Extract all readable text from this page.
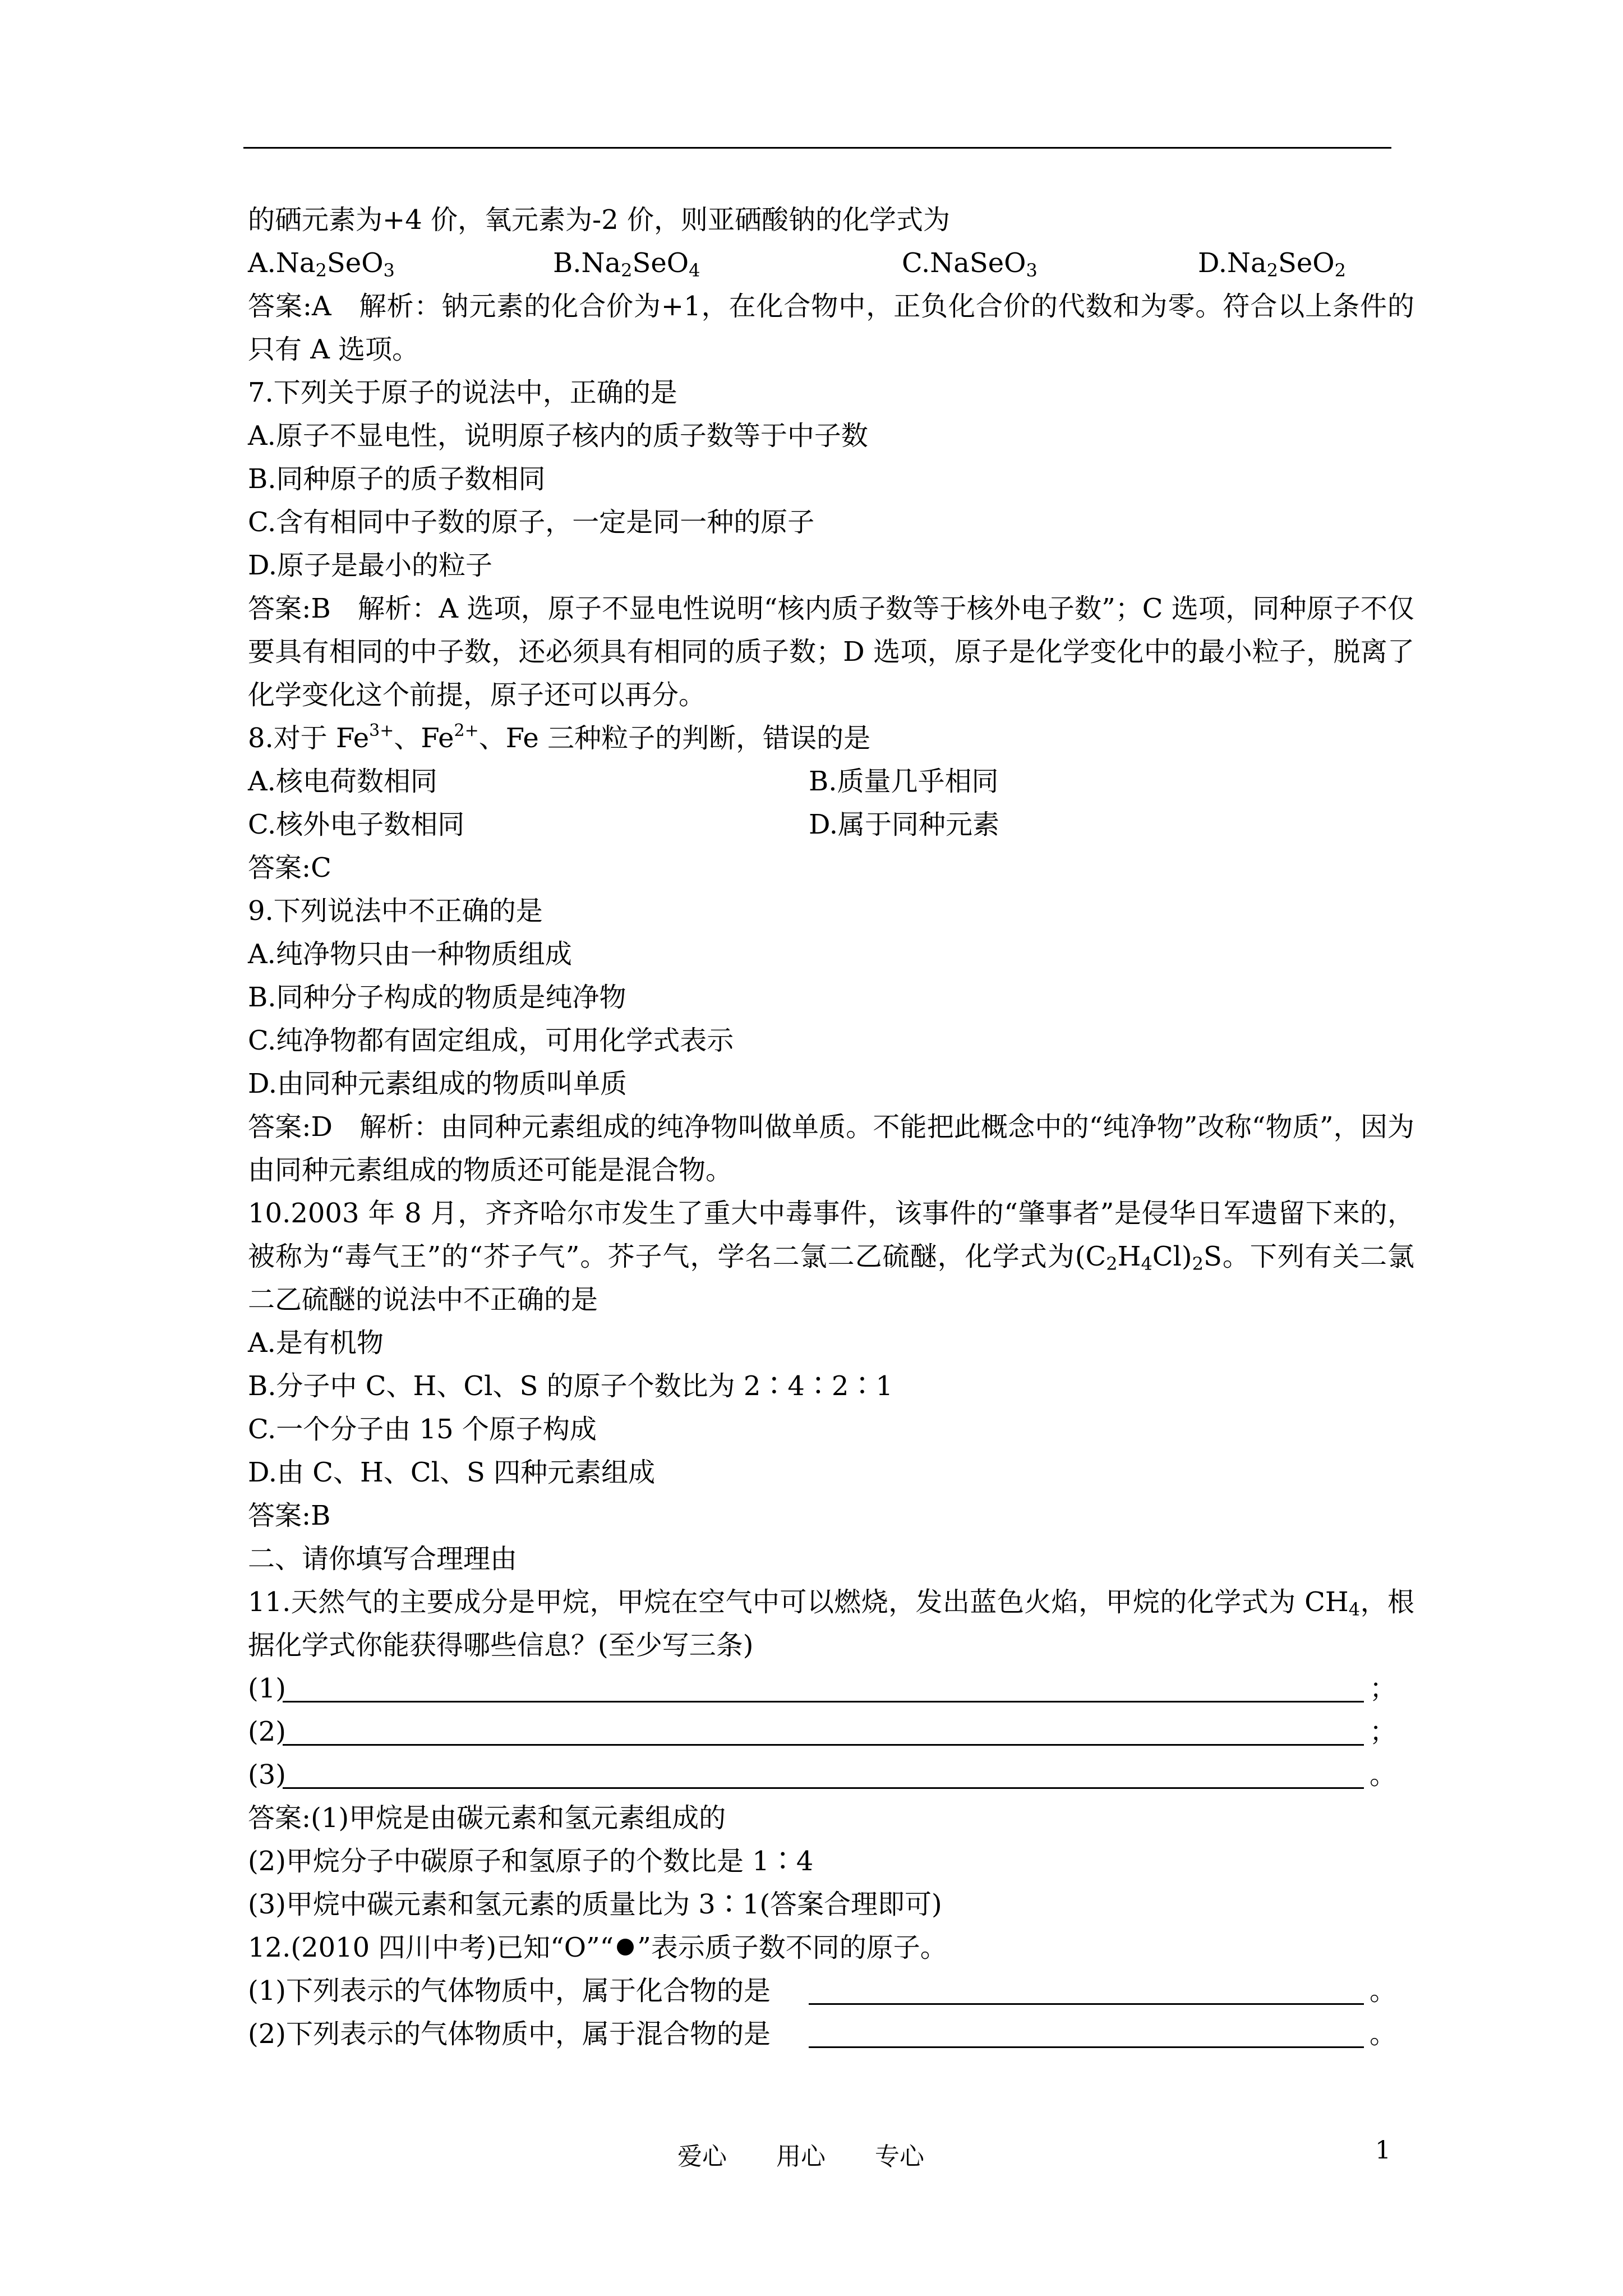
的硒元素为+4 价，氧元素为-2 价，则亚硒酸钠的化学式为
$A.Na_2SeO_3$	$B.Na_2SeO_4$	C.NaSeO$_3$	$D.Na_2SeO_2$
答案:A　解析：钠元素的化合价为+1，在化合物中，正负化合价的代数和为零。符合以上条件的只有 A 选项。
7.下列关于原子的说法中，正确的是
A.原子不显电性，说明原子核内的质子数等于中子数
B.同种原子的质子数相同
C.含有相同中子数的原子，一定是同一种的原子
D.原子是最小的粒子
答案:B　解析：A 选项，原子不显电性说明“核内质子数等于核外电子数”；C 选项，同种原子不仅要具有相同的中子数，还必须具有相同的质子数；D 选项，原子是化学变化中的最小粒子，脱离了化学变化这个前提，原子还可以再分。
8.对于 $Fe^{3+}$、$Fe^{2+}$、Fe 三种粒子的判断，错误的是
A.核电荷数相同	B.质量几乎相同
C.核外电子数相同	D.属于同种元素
答案:C
9.下列说法中不正确的是
A.纯净物只由一种物质组成
B.同种分子构成的物质是纯净物
C.纯净物都有固定组成，可用化学式表示
D.由同种元素组成的物质叫单质
答案:D　解析：由同种元素组成的纯净物叫做单质。不能把此概念中的“纯净物”改称“物质”，因为由同种元素组成的物质还可能是混合物。
10.2003 年 8 月，齐齐哈尔市发生了重大中毒事件，该事件的“肇事者”是侵华日军遗留下来的，被称为“毒气王”的“芥子气”。芥子气，学名二氯二乙硫醚，化学式为$(C_2H_4Cl)_2S$。下列有关二氯二乙硫醚的说法中不正确的是
A.是有机物
B.分子中 C、H、Cl、S 的原子个数比为 2∶4∶2∶1
C.一个分子由 15 个原子构成
D.由 C、H、Cl、S 四种元素组成
答案:B
二、请你填写合理理由
11.天然气的主要成分是甲烷，甲烷在空气中可以燃烧，发出蓝色火焰，甲烷的化学式为 $CH_4$，根据化学式你能获得哪些信息？(至少写三条)
(1)	；
(2)	；
(3)	。
答案:(1)甲烷是由碳元素和氢元素组成的
(2)甲烷分子中碳原子和氢原子的个数比是 1∶4
(3)甲烷中碳元素和氢元素的质量比为 3∶1(答案合理即可)
12.(2010 四川中考)已知“O”“ ”表示质子数不同的原子。
(1)下列表示的气体物质中，属于化合物的是	。
(2)下列表示的气体物质中，属于混合物的是	。
爱心　　用心　　专心	1
